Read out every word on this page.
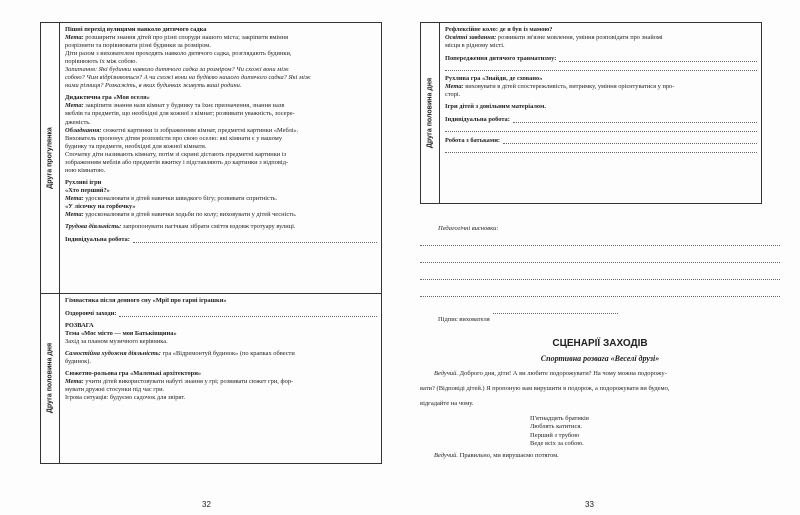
Друга прогулянка
Друга половина дня

Пішні перехід вулицями навколо дитячого садка

Мета: розширити знання дітей про різні споруди нашого міста; закріпити вміння

розрізняти та порівнювати різні будинки за розміром.

Діти разом з вихователем проходять навколо дитячого садка, розглядають будинки,

порівнюють їх між собою.

Запитання: Які будинки навколо дитячого садка за розміром? Чи схожі вони між

собою? Чим відрізняються? А чи схожі вони на будівлю нашого дитячого садка? Які між

ними різниця? Розкажіть, в яких будинках живуть ваші родини.

Дидактична гра «Моя оселя»

Мета: закріпити знання назв кімнат у будинку та їхнє призначення, знання назв

меблів та предметів, що необхідні для кожної з кімнат; розвивати уважність, зосере-

дженість.

Обладнання: сюжетні картинки із зображенням кімнат, предметні картинки «Меблі».

Вихователь пропонує дітям розповісти про свою оселю: які кімнати є у вашому

будинку та предмети, необхідні для кожної кімнати.

Спочатку діти називають кімнату, потім зі скрині дістають предметні картинки із

зображенням меблів або предметів вжитку і підставляють до картинки з відповід-

ною кімнатою.

Рухливі ігри

«Хто перший?»

Мета: удосконалювати в дітей навички швидкого бігу; розвивати спритність.

«У лісочку на горбочку»

Мета: удосконалювати в дітей навички ходьби по колу; виховувати у дітей чесність.

Трудова діяльність: запропонувати пагічкам зібрати сміття вздовж тротуару вулиці.

Індивідуальна робота:

Гімнастика після денного сну «Мрії про гарні іграшки»

Оздоровчі заходи:

РОЗВАГА

Тема «Моє місто — моя Батьківщина»

Захід за планом музичного керівника.

Самостійна художня діяльність: гра «Відремонтуй будинок» (по крапках обвести

будинок).

Сюжетно-рольова гра «Маленькі архітектори»

Мета: учити дітей використовувати набуті знання у грі; розвивати сюжет гри, фор-

мувати дружні стосунки під час гри.

Ігрова ситуація: будуємо садочок для звірят.

32
Друга половина дня

Рефлексійне коло: де я був із мамою?

Освітні завдання: розвивати зв'язне мовлення, уміння розповідати про знайомі

місця в рідному місті.

Попередження дитячого травматизму:

Рухлива гра «Знайди, де сховано»

Мета: виховувати в дітей спостережливість, витримку, уміння орієнтуватися у про-

сторі.

Ігри дітей з довільним матеріалом.

Індивідуальна робота:

Робота з батьками:

33
Педагогічні висновки:
Підпис вихователя
СЦЕНАРІЇ ЗАХОДІВ
Спортивна розвага «Веселі друзі»

Ведучий. Доброго дня, діти! А ви любите подорожувати? На чому можна подорожу-

вати? (Відповіді дітей.) Я пропоную вам вирушити в подорож, а подорожувати ви будемо,

відгадайте на чому.

П'ятнадцять братиків
Люблять катитися.
Перший з трубою
Веде всіх за собою.
Ведучий. Правильно, ми вирушаємо потягом.
